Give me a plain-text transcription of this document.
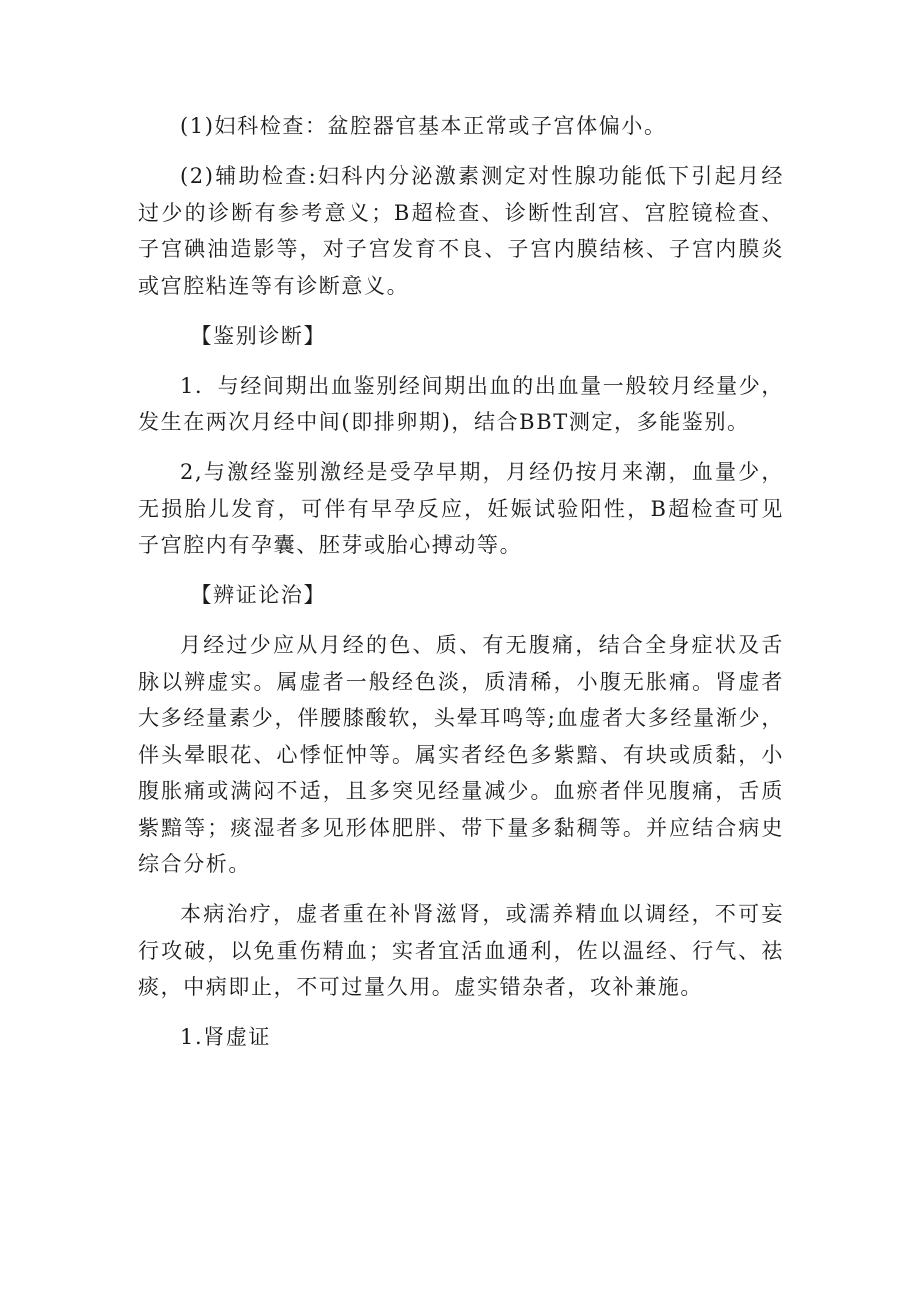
(1)妇科检查：盆腔器官基本正常或子宫体偏小。

(2)辅助检查:妇科内分泌激素测定对性腺功能低下引起月经过少的诊断有参考意义；B超检查、诊断性刮宫、宫腔镜检查、子宫碘油造影等，对子宫发育不良、子宫内膜结核、子宫内膜炎或宫腔粘连等有诊断意义。

【鉴别诊断】

1．与经间期出血鉴别经间期出血的出血量一般较月经量少，发生在两次月经中间(即排卵期)，结合BBT测定，多能鉴别。

2,与激经鉴别激经是受孕早期，月经仍按月来潮，血量少，无损胎儿发育，可伴有早孕反应，妊娠试验阳性，B超检查可见子宫腔内有孕囊、胚芽或胎心搏动等。

【辨证论治】

月经过少应从月经的色、质、有无腹痛，结合全身症状及舌脉以辨虚实。属虚者一般经色淡，质清稀，小腹无胀痛。肾虚者大多经量素少，伴腰膝酸软，头晕耳鸣等;血虚者大多经量渐少，伴头晕眼花、心悸怔忡等。属实者经色多紫黯、有块或质黏，小腹胀痛或满闷不适，且多突见经量减少。血瘀者伴见腹痛，舌质紫黯等；痰湿者多见形体肥胖、带下量多黏稠等。并应结合病史综合分析。

本病治疗，虚者重在补肾滋肾，或濡养精血以调经，不可妄行攻破，以免重伤精血；实者宜活血通利，佐以温经、行气、祛痰，中病即止，不可过量久用。虚实错杂者，攻补兼施。

1.肾虚证
